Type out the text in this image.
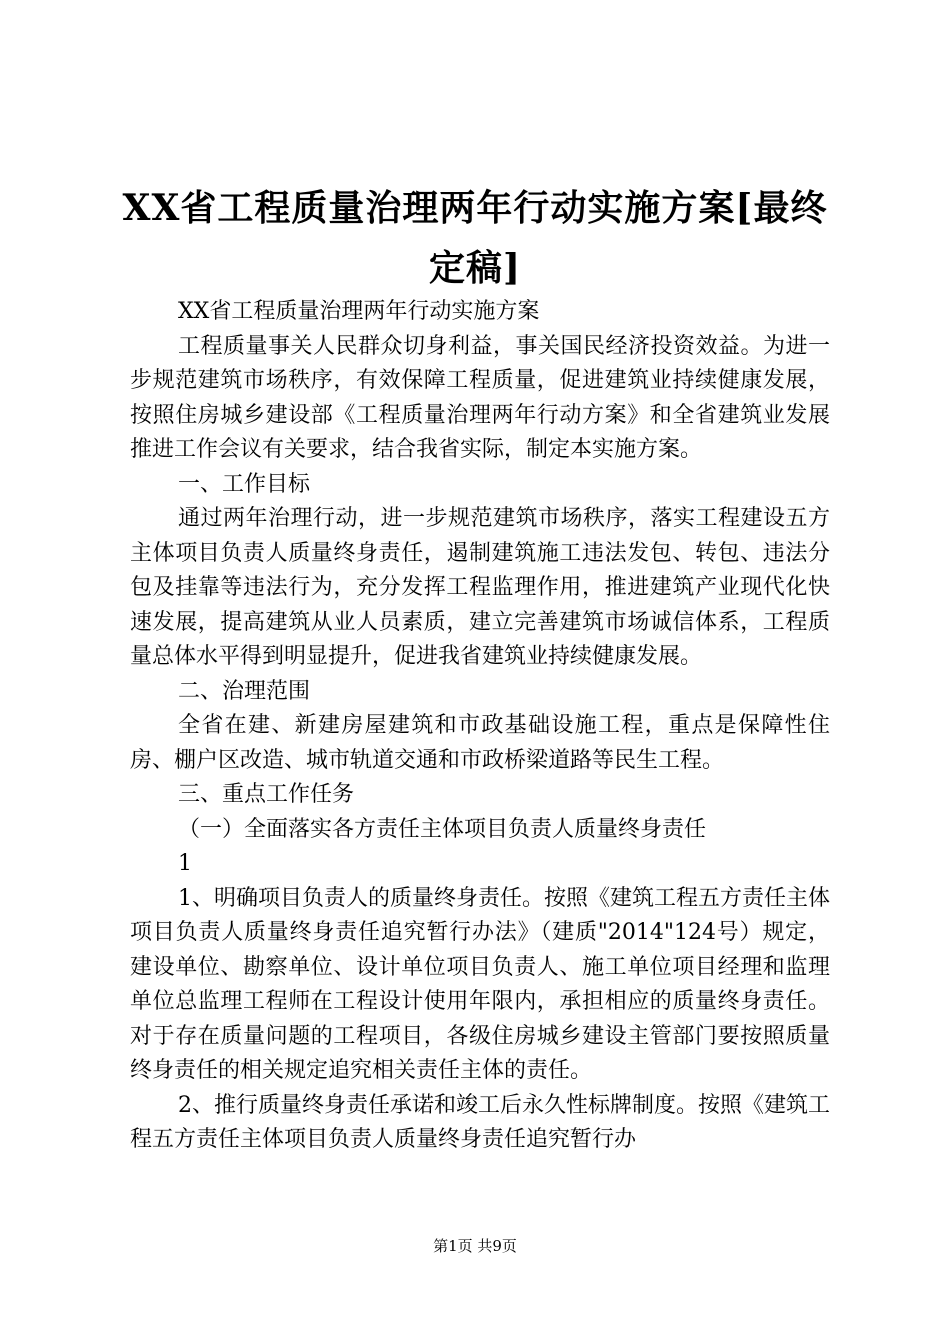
XX省工程质量治理两年行动实施方案[最终定稿]

XX省工程质量治理两年行动实施方案

工程质量事关人民群众切身利益，事关国民经济投资效益。为进一步规范建筑市场秩序，有效保障工程质量，促进建筑业持续健康发展，按照住房城乡建设部《工程质量治理两年行动方案》和全省建筑业发展推进工作会议有关要求，结合我省实际，制定本实施方案。

一、工作目标

通过两年治理行动，进一步规范建筑市场秩序，落实工程建设五方主体项目负责人质量终身责任，遏制建筑施工违法发包、转包、违法分包及挂靠等违法行为，充分发挥工程监理作用，推进建筑产业现代化快速发展，提高建筑从业人员素质，建立完善建筑市场诚信体系，工程质量总体水平得到明显提升，促进我省建筑业持续健康发展。

二、治理范围

全省在建、新建房屋建筑和市政基础设施工程，重点是保障性住房、棚户区改造、城市轨道交通和市政桥梁道路等民生工程。

三、重点工作任务

（一）全面落实各方责任主体项目负责人质量终身责任

1

1、明确项目负责人的质量终身责任。按照《建筑工程五方责任主体项目负责人质量终身责任追究暂行办法》（建质"2014"124号）规定，建设单位、勘察单位、设计单位项目负责人、施工单位项目经理和监理单位总监理工程师在工程设计使用年限内，承担相应的质量终身责任。对于存在质量问题的工程项目，各级住房城乡建设主管部门要按照质量终身责任的相关规定追究相关责任主体的责任。

2、推行质量终身责任承诺和竣工后永久性标牌制度。按照《建筑工程五方责任主体项目负责人质量终身责任追究暂行办

第1页 共9页
